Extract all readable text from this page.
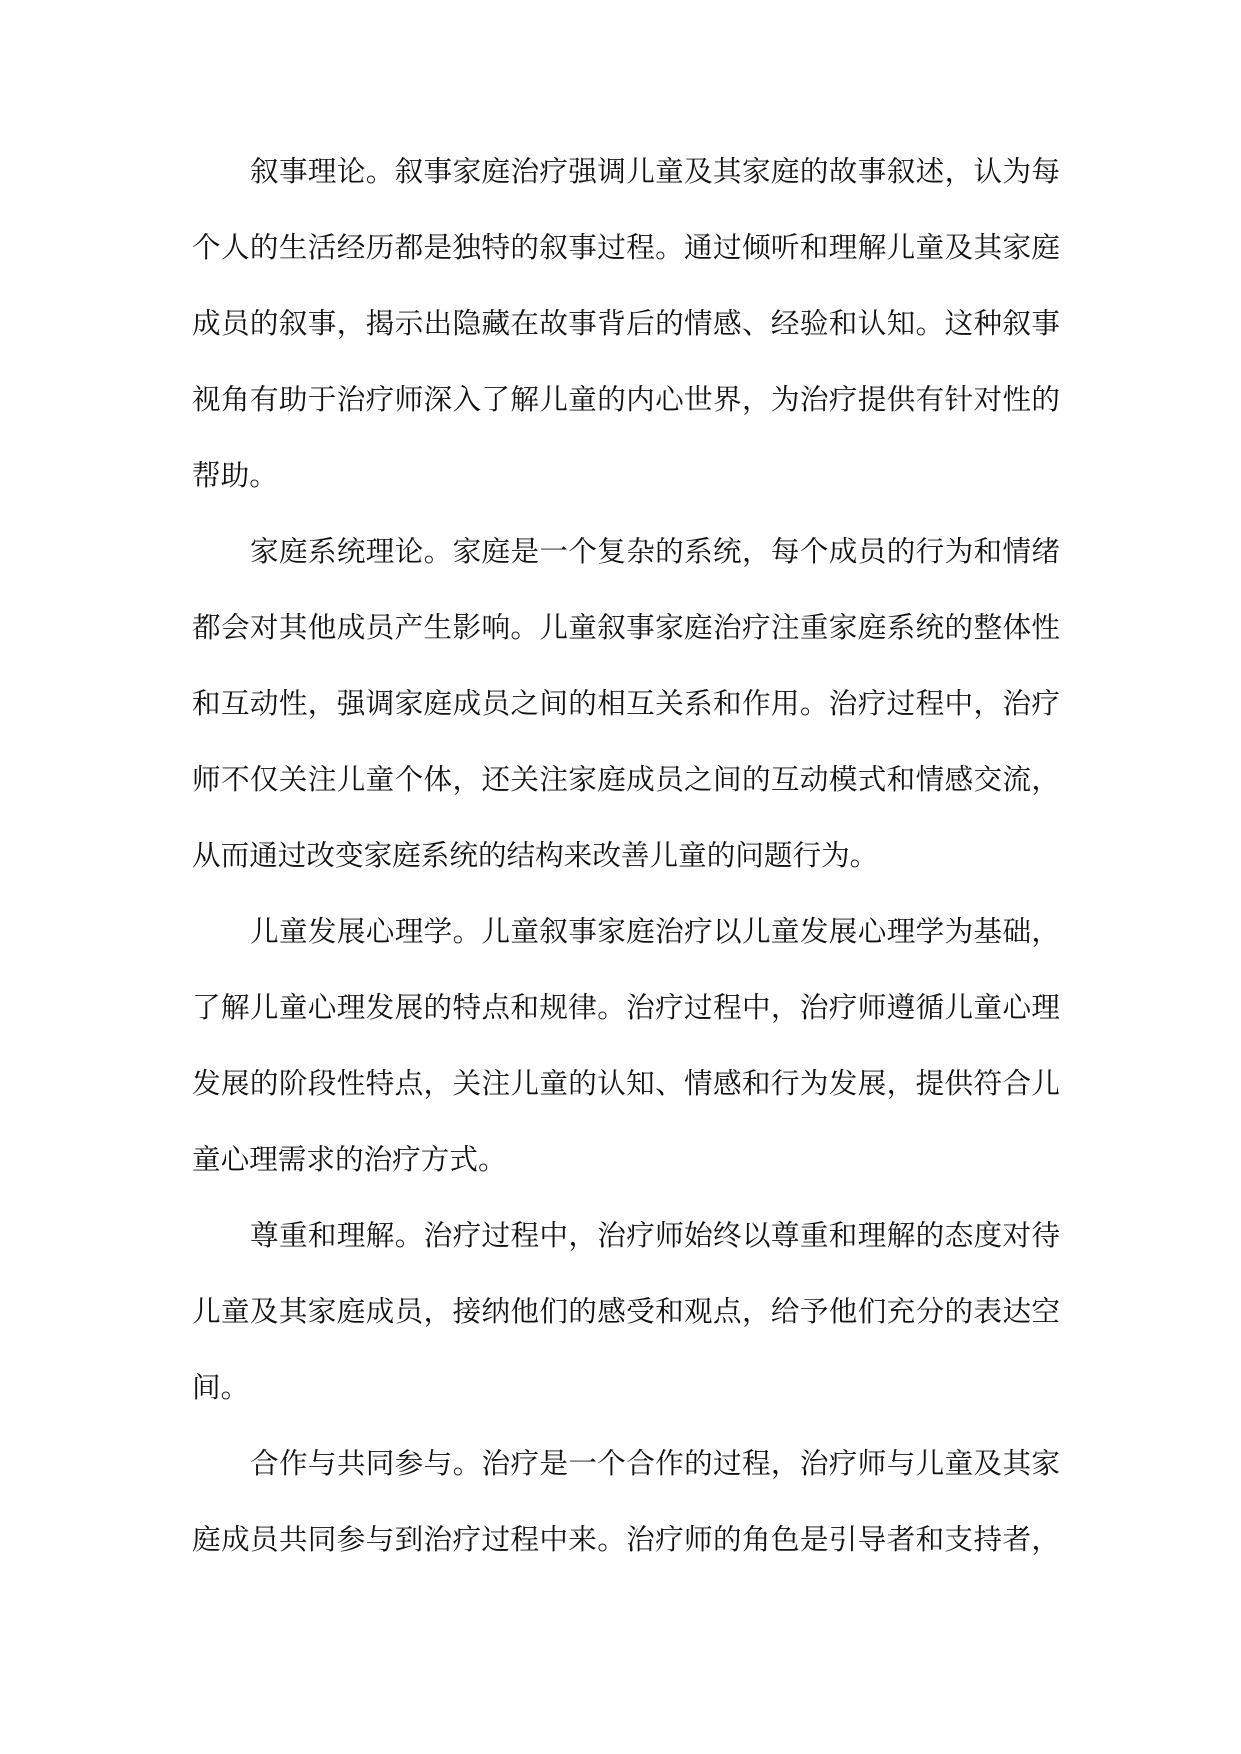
叙事理论。叙事家庭治疗强调儿童及其家庭的故事叙述，认为每
个人的生活经历都是独特的叙事过程。通过倾听和理解儿童及其家庭
成员的叙事，揭示出隐藏在故事背后的情感、经验和认知。这种叙事
视角有助于治疗师深入了解儿童的内心世界，为治疗提供有针对性的
帮助。
家庭系统理论。家庭是一个复杂的系统，每个成员的行为和情绪
都会对其他成员产生影响。儿童叙事家庭治疗注重家庭系统的整体性
和互动性，强调家庭成员之间的相互关系和作用。治疗过程中，治疗
师不仅关注儿童个体，还关注家庭成员之间的互动模式和情感交流，
从而通过改变家庭系统的结构来改善儿童的问题行为。
儿童发展心理学。儿童叙事家庭治疗以儿童发展心理学为基础，
了解儿童心理发展的特点和规律。治疗过程中，治疗师遵循儿童心理
发展的阶段性特点，关注儿童的认知、情感和行为发展，提供符合儿
童心理需求的治疗方式。
尊重和理解。治疗过程中，治疗师始终以尊重和理解的态度对待
儿童及其家庭成员，接纳他们的感受和观点，给予他们充分的表达空
间。
合作与共同参与。治疗是一个合作的过程，治疗师与儿童及其家
庭成员共同参与到治疗过程中来。治疗师的角色是引导者和支持者，
